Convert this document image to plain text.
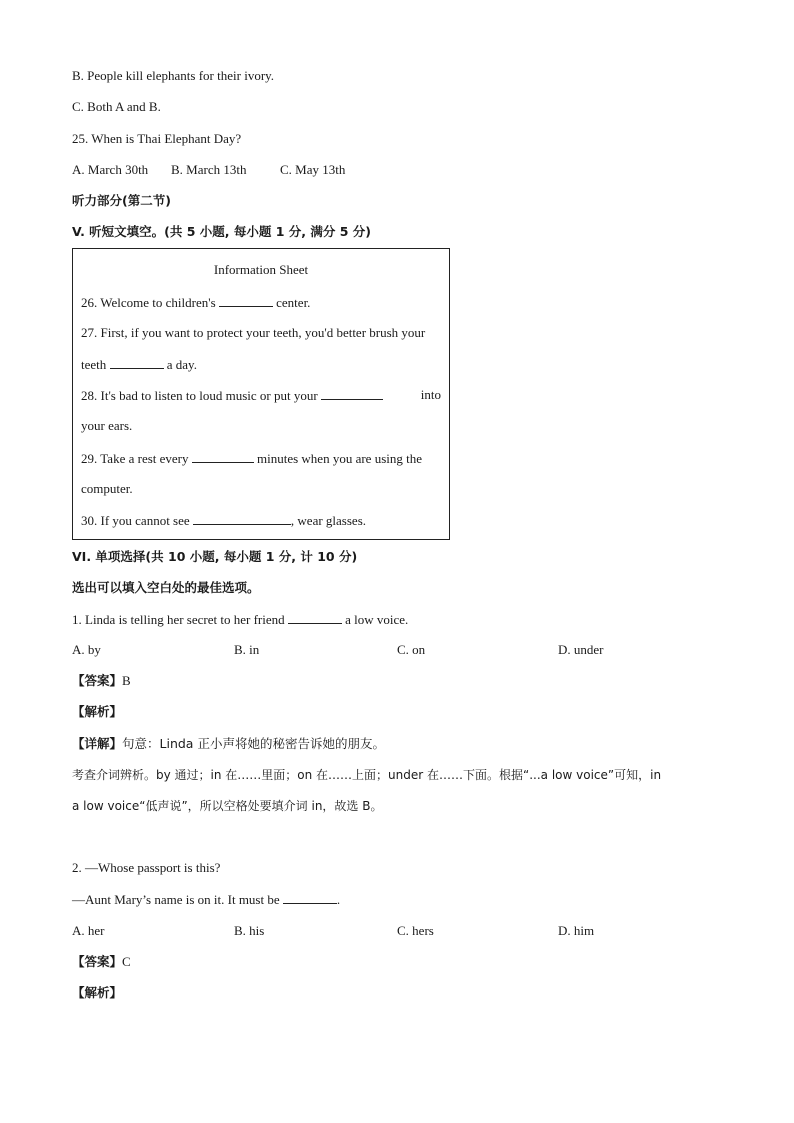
B. People kill elephants for their ivory.
C. Both A and B.
25. When is Thai Elephant Day?
A. March 30th B. March 13th	C. May 13th
听力部分(第二节)
V. 听短文填空。(共 5 小题, 每小题 1 分, 满分 5 分)
Information Sheet
26. Welcome to children's	center.
27. First, if you want to protect your teeth, you'd better brush your
teeth	a day.
28. It's bad to listen to loud music or put your	into
your ears.
29. Take a rest every	minutes when you are using the
computer.
30. If you cannot see	, wear glasses.
VI. 单项选择(共 10 小题, 每小题 1 分, 计 10 分)
选出可以填入空白处的最佳选项。
1. Linda is telling her secret to her friend	a low voice.
A. by	B. in	C. on	D. under
【答案】B
【解析】
【详解】句意：Linda 正小声将她的秘密告诉她的朋友。
考查介词辨析。by 通过；in 在……里面；on 在……上面；under 在……下面。根据“...a low voice”可知，in
a low voice“低声说”，所以空格处要填介词 in，故选 B。
2. —Whose passport is this?
—Aunt Mary’s name is on it. It must be	.
A. her	B. his	C. hers	D. him
【答案】C
【解析】
